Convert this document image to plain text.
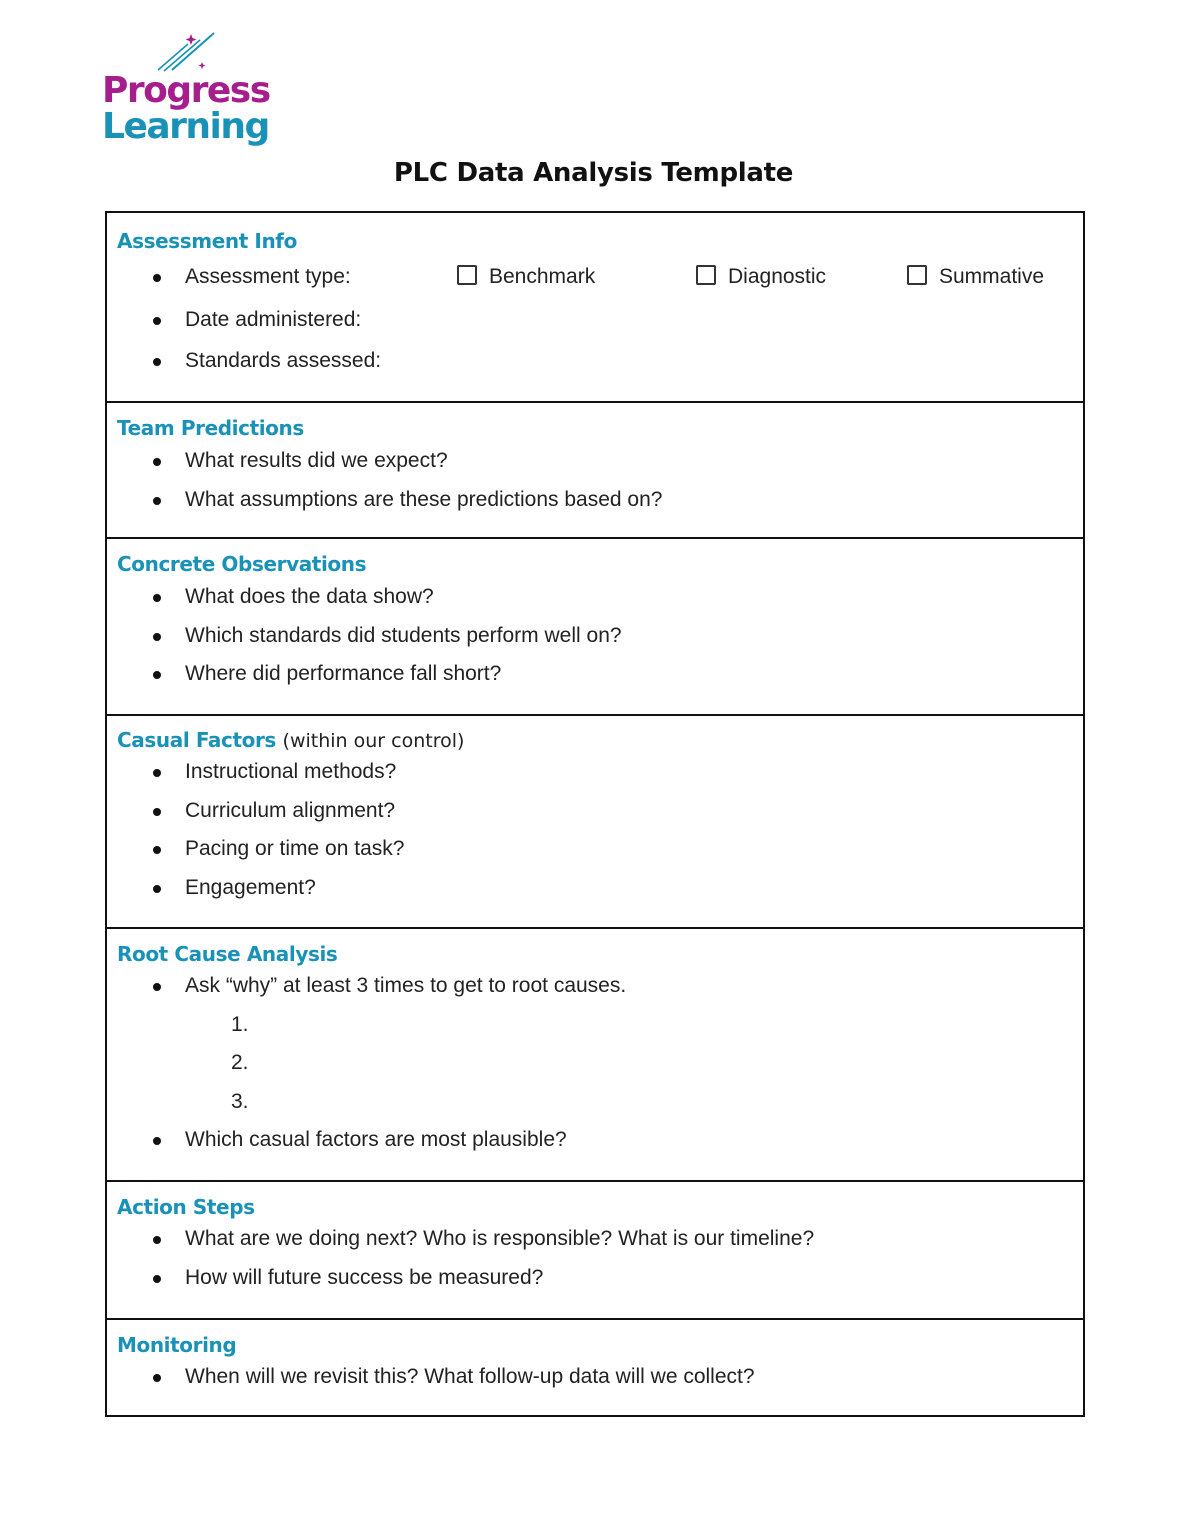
Progress
Learning
PLC Data Analysis Template
Assessment Info
Assessment type:	Benchmark	Diagnostic	Summative
Date administered:
Standards assessed:
Team Predictions
What results did we expect?
What assumptions are these predictions based on?
Concrete Observations
What does the data show?
Which standards did students perform well on?
Where did performance fall short?
Casual Factors (within our control)
Instructional methods?
Curriculum alignment?
Pacing or time on task?
Engagement?
Root Cause Analysis
Ask “why” at least 3 times to get to root causes.
1.
2.
3.
Which casual factors are most plausible?
Action Steps
What are we doing next? Who is responsible? What is our timeline?
How will future success be measured?
Monitoring
When will we revisit this? What follow-up data will we collect?
